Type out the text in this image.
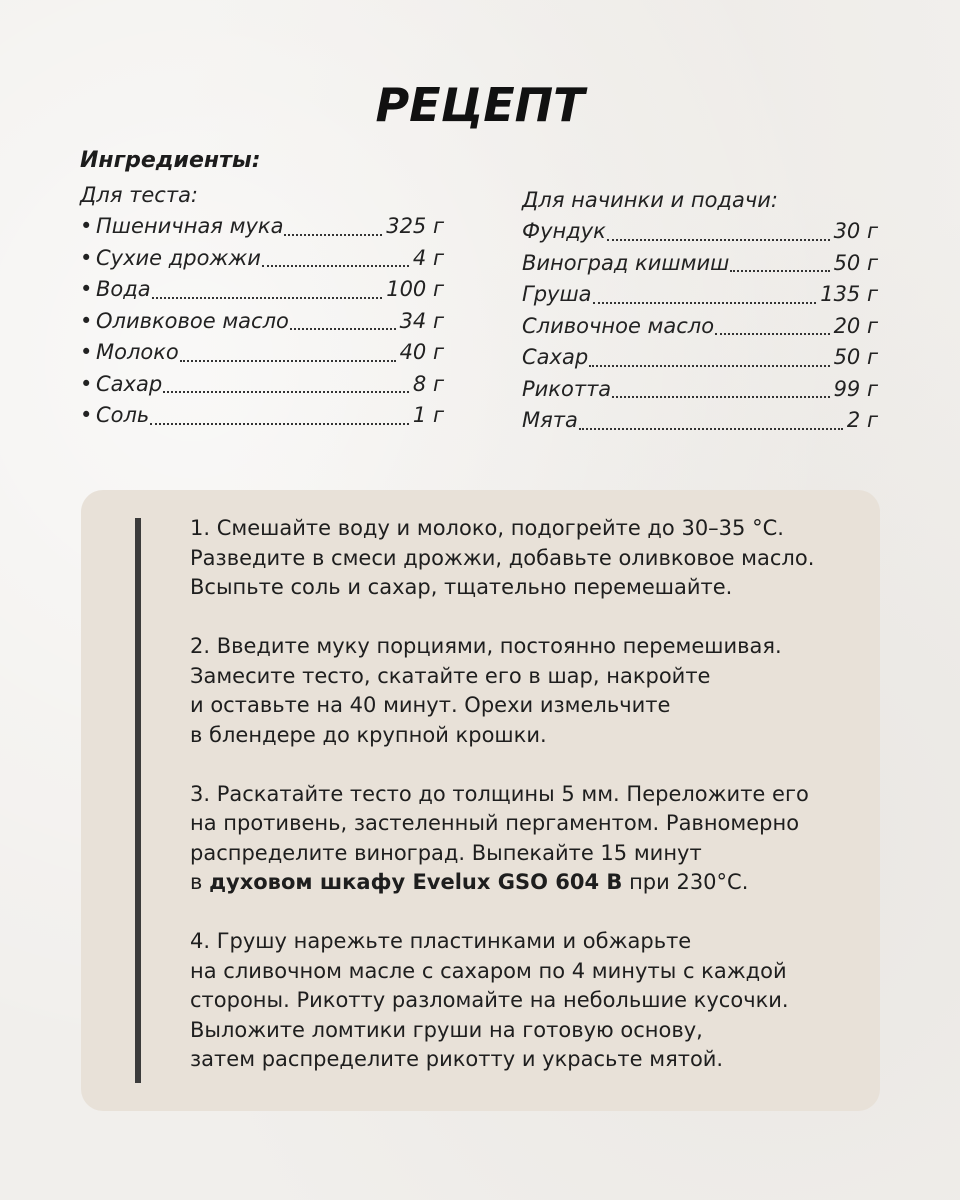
РЕЦЕПТ
Ингредиенты:
Для теста:
• Пшеничная мука	325 г
• Сухие дрожжи	4 г
• Вода	100 г
• Оливковое масло	34 г
• Молоко	40 г
• Сахар	8 г
• Соль	1 г
Для начинки и подачи:
Фундук	30 г
Виноград кишмиш	50 г
Груша	135 г
Сливочное масло	20 г
Сахар	50 г
Рикотта	99 г
Мята	2 г
1. Смешайте воду и молоко, подогрейте до 30–35 °С.
Разведите в смеси дрожжи, добавьте оливковое масло.
Всыпьте соль и сахар, тщательно перемешайте.
2. Введите муку порциями, постоянно перемешивая.
Замесите тесто, скатайте его в шар, накройте
и оставьте на 40 минут. Орехи измельчите
в блендере до крупной крошки.
3. Раскатайте тесто до толщины 5 мм. Переложите его
на противень, застеленный пергаментом. Равномерно
распределите виноград. Выпекайте 15 минут
в духовом шкафу Evelux GSO 604 B при 230°С.
4. Грушу нарежьте пластинками и обжарьте
на сливочном масле с сахаром по 4 минуты с каждой
стороны. Рикотту разломайте на небольшие кусочки.
Выложите ломтики груши на готовую основу,
затем распределите рикотту и украсьте мятой.
